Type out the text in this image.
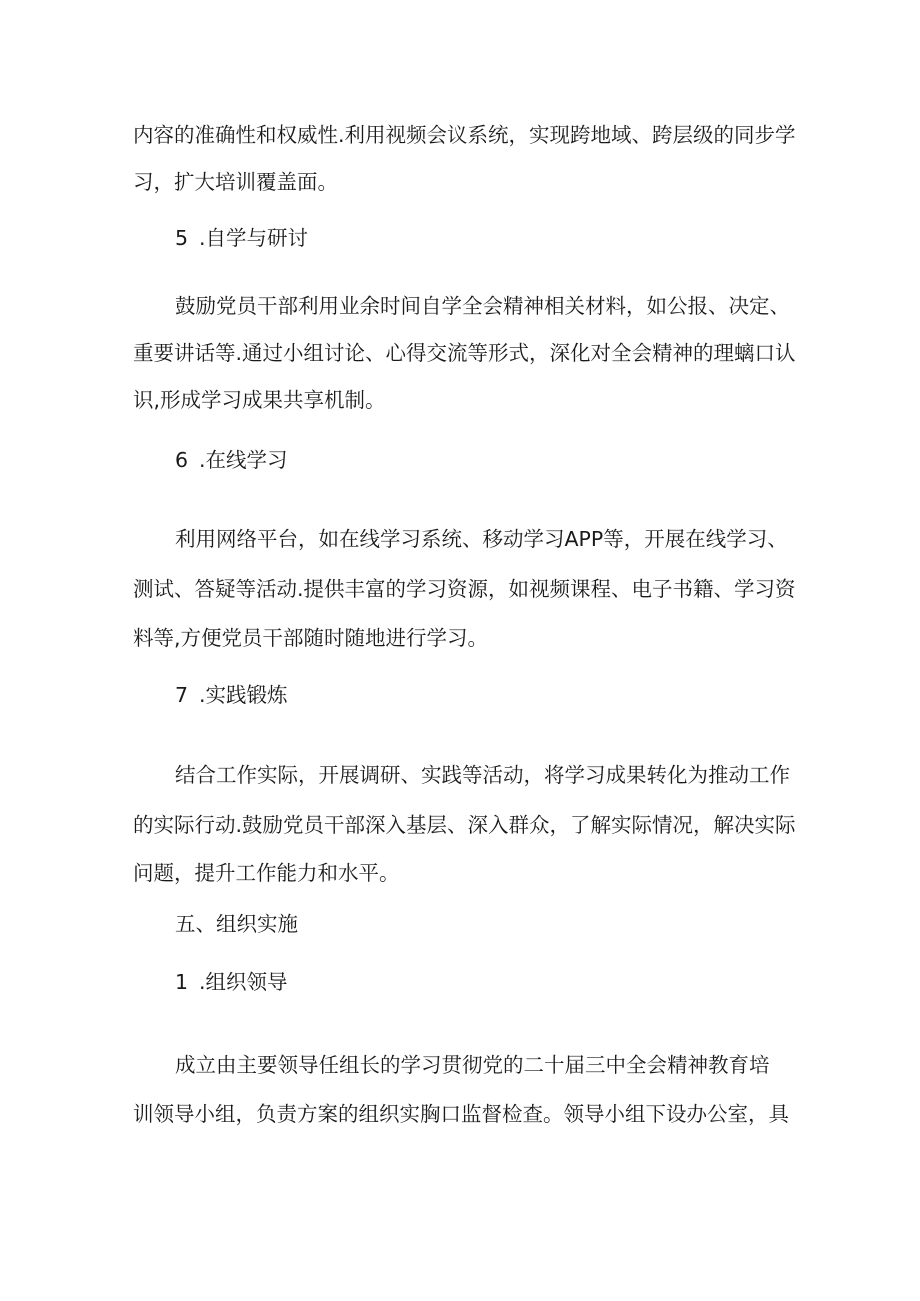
内容的准确性和权威性.利用视频会议系统，实现跨地域、跨层级的同步学
习，扩大培训覆盖面。
5 .自学与研讨
鼓励党员干部利用业余时间自学全会精神相关材料，如公报、决定、
重要讲话等.通过小组讨论、心得交流等形式，深化对全会精神的理螭口认
识,形成学习成果共享机制。
6 .在线学习
利用网络平台，如在线学习系统、移动学习APP等，开展在线学习、
测试、答疑等活动.提供丰富的学习资源，如视频课程、电子书籍、学习资
料等,方便党员干部随时随地进行学习。
7 .实践锻炼
结合工作实际，开展调研、实践等活动，将学习成果转化为推动工作
的实际行动.鼓励党员干部深入基层、深入群众，了解实际情况，解决实际
问题，提升工作能力和水平。
五、组织实施
1 .组织领导
成立由主要领导任组长的学习贯彻党的二十届三中全会精神教育培
训领导小组，负责方案的组织实胸口监督检查。领导小组下设办公室，具
